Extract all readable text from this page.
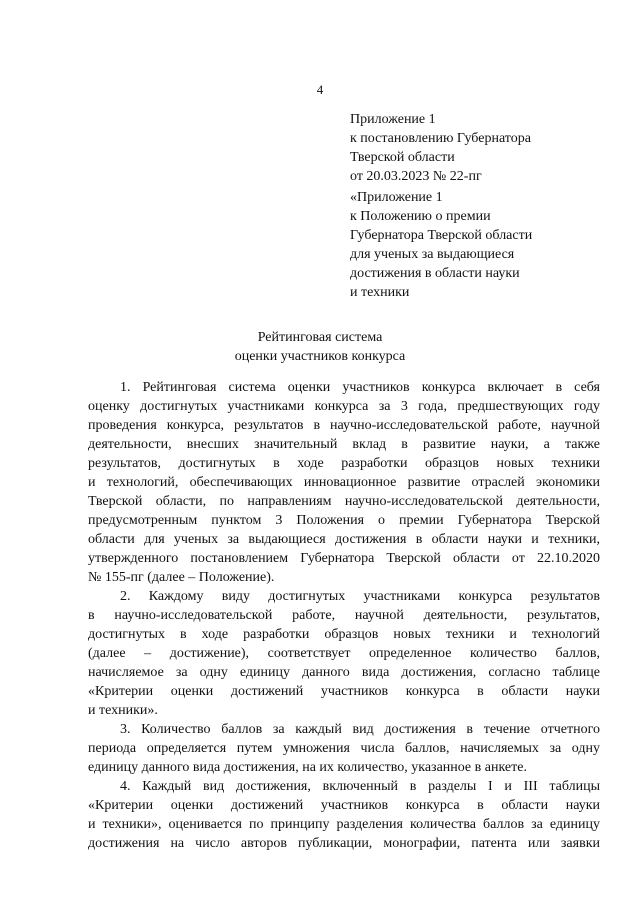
4
Приложение 1
к постановлению Губернатора
Тверской области
от 20.03.2023 № 22-пг
«Приложение 1
к Положению о премии
Губернатора Тверской области
для ученых за выдающиеся
достижения в области науки
и техники
Рейтинговая система
оценки участников конкурса
1. Рейтинговая система оценки участников конкурса включает в себя
оценку достигнутых участниками конкурса за 3 года, предшествующих году
проведения конкурса, результатов в научно-исследовательской работе, научной
деятельности, внесших значительный вклад в развитие науки, а также
результатов, достигнутых в ходе разработки образцов новых техники
и технологий, обеспечивающих инновационное развитие отраслей экономики
Тверской области, по направлениям научно-исследовательской деятельности,
предусмотренным пунктом 3 Положения о премии Губернатора Тверской
области для ученых за выдающиеся достижения в области науки и техники,
утвержденного постановлением Губернатора Тверской области от 22.10.2020
№ 155-пг (далее – Положение).
2. Каждому виду достигнутых участниками конкурса результатов
в научно-исследовательской работе, научной деятельности, результатов,
достигнутых в ходе разработки образцов новых техники и технологий
(далее – достижение), соответствует определенное количество баллов,
начисляемое за одну единицу данного вида достижения, согласно таблице
«Критерии оценки достижений участников конкурса в области науки
и техники».
3. Количество баллов за каждый вид достижения в течение отчетного
периода определяется путем умножения числа баллов, начисляемых за одну
единицу данного вида достижения, на их количество, указанное в анкете.
4. Каждый вид достижения, включенный в разделы I и III таблицы
«Критерии оценки достижений участников конкурса в области науки
и техники», оценивается по принципу разделения количества баллов за единицу
достижения на число авторов публикации, монографии, патента или заявки
